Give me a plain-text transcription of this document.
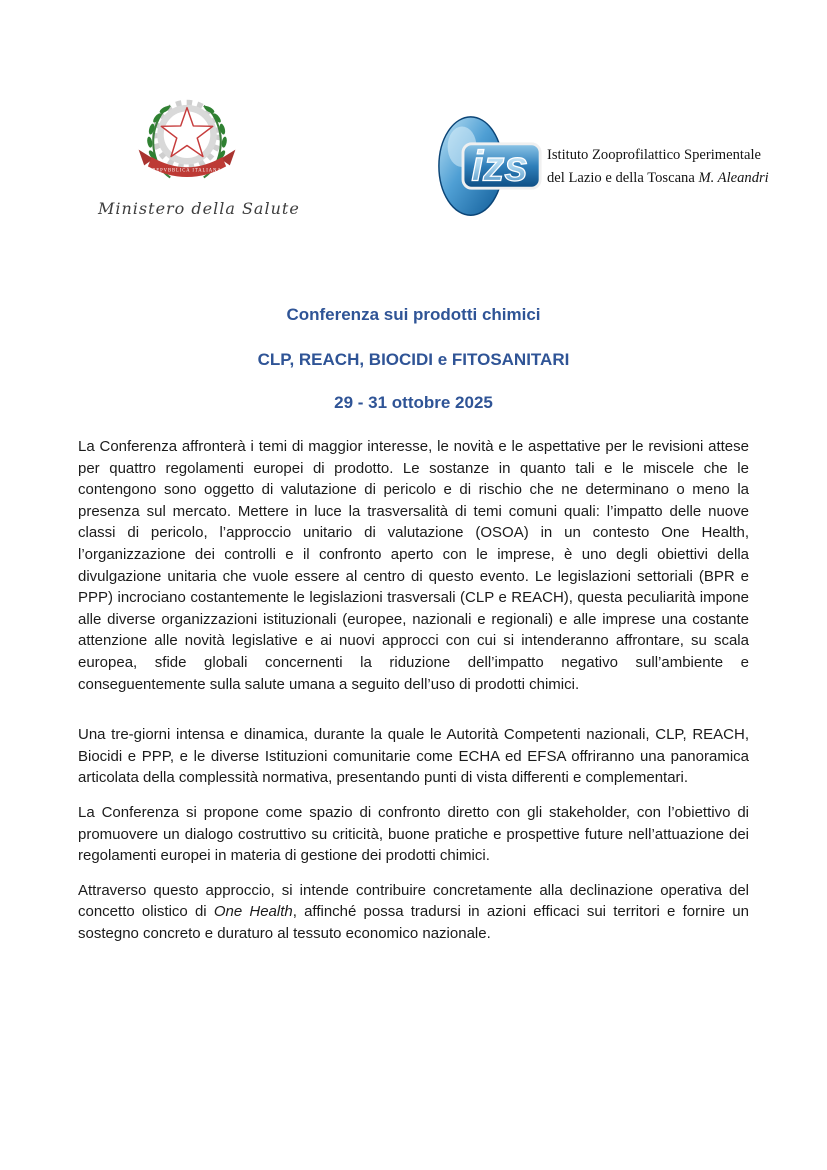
REPVBBLICA ITALIANA
Ministero della Salute
izs Istituto Zooprofilattico Sperimentale
del Lazio e della Toscana M. Aleandri
Conferenza sui prodotti chimici
CLP, REACH, BIOCIDI e FITOSANITARI
29 - 31 ottobre 2025

La Conferenza affronterà i temi di maggior interesse, le novità e le aspettative per le revisioni attese per quattro regolamenti europei di prodotto. Le sostanze in quanto tali e le miscele che le contengono sono oggetto di valutazione di pericolo e di rischio che ne determinano o meno la presenza sul mercato. Mettere in luce la trasversalità di temi comuni quali: l’impatto delle nuove classi di pericolo, l’approccio unitario di valutazione (OSOA) in un contesto One Health, l’organizzazione dei controlli e il confronto aperto con le imprese, è uno degli obiettivi della divulgazione unitaria che vuole essere al centro di questo evento. Le legislazioni settoriali (BPR e PPP) incrociano costantemente le legislazioni trasversali (CLP e REACH), questa peculiarità impone alle diverse organizzazioni istituzionali (europee, nazionali e regionali) e alle imprese una costante attenzione alle novità legislative e ai nuovi approcci con cui si intenderanno affrontare, su scala europea, sfide globali concernenti la riduzione dell’impatto negativo sull’ambiente e conseguentemente sulla salute umana a seguito dell’uso di prodotti chimici.

Una tre-giorni intensa e dinamica, durante la quale le Autorità Competenti nazionali, CLP, REACH, Biocidi e PPP, e le diverse Istituzioni comunitarie come ECHA ed EFSA offriranno una panoramica articolata della complessità normativa, presentando punti di vista differenti e complementari.

La Conferenza si propone come spazio di confronto diretto con gli stakeholder, con l’obiettivo di promuovere un dialogo costruttivo su criticità, buone pratiche e prospettive future nell’attuazione dei regolamenti europei in materia di gestione dei prodotti chimici.

Attraverso questo approccio, si intende contribuire concretamente alla declinazione operativa del concetto olistico di One Health, affinché possa tradursi in azioni efficaci sui territori e fornire un sostegno concreto e duraturo al tessuto economico nazionale.
